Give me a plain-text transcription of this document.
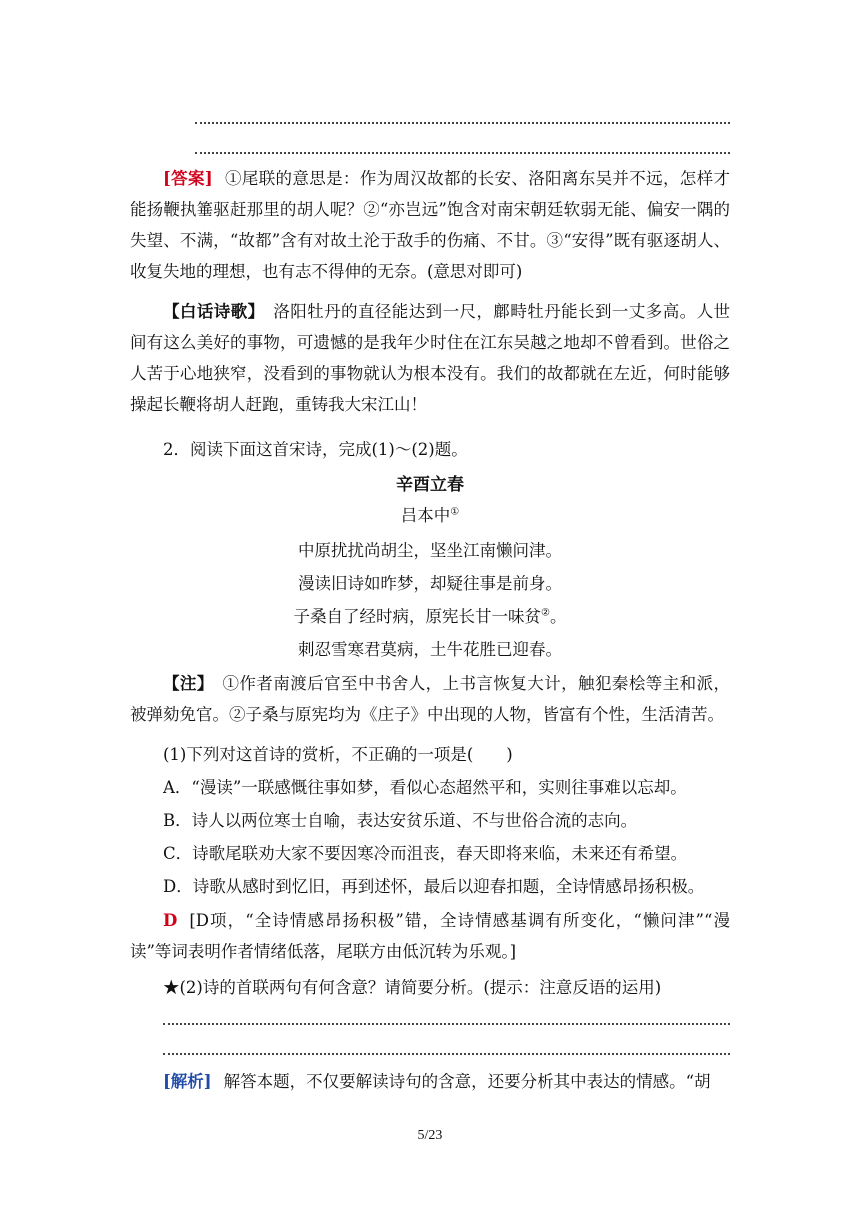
[答案] ①尾联的意思是：作为周汉故都的长安、洛阳离东吴并不远，怎样才能扬鞭执箠驱赶那里的胡人呢？②“亦岂远”饱含对南宋朝廷软弱无能、偏安一隅的失望、不满，“故都”含有对故土沦于敌手的伤痛、不甘。③“安得”既有驱逐胡人、收复失地的理想，也有志不得伸的无奈。(意思对即可)
【白话诗歌】　洛阳牡丹的直径能达到一尺，鄜畤牡丹能长到一丈多高。人世间有这么美好的事物，可遗憾的是我年少时住在江东吴越之地却不曾看到。世俗之人苦于心地狭窄，没看到的事物就认为根本没有。我们的故都就在左近，何时能够操起长鞭将胡人赶跑，重铸我大宋江山！
2．阅读下面这首宋诗，完成(1)～(2)题。
辛酉立春
吕本中①
中原扰扰尚胡尘，坚坐江南懒问津。
漫读旧诗如昨梦，却疑往事是前身。
子桑自了经时病，原宪长甘一味贫②。
刺忍雪寒君莫病，土牛花胜已迎春。
【注】　①作者南渡后官至中书舍人，上书言恢复大计，触犯秦桧等主和派，被弹劾免官。②子桑与原宪均为《庄子》中出现的人物，皆富有个性，生活清苦。
(1)下列对这首诗的赏析，不正确的一项是(　　)
A．“漫读”一联感慨往事如梦，看似心态超然平和，实则往事难以忘却。
B．诗人以两位寒士自喻，表达安贫乐道、不与世俗合流的志向。
C．诗歌尾联劝大家不要因寒冷而沮丧，春天即将来临，未来还有希望。
D．诗歌从感时到忆旧，再到述怀，最后以迎春扣题，全诗情感昂扬积极。
D [D项，“全诗情感昂扬积极”错，全诗情感基调有所变化，“懒问津”“漫读”等词表明作者情绪低落，尾联方由低沉转为乐观。]
★(2)诗的首联两句有何含意？请简要分析。(提示：注意反语的运用)
[解析] 解答本题，不仅要解读诗句的含意，还要分析其中表达的情感。“胡
5/23
